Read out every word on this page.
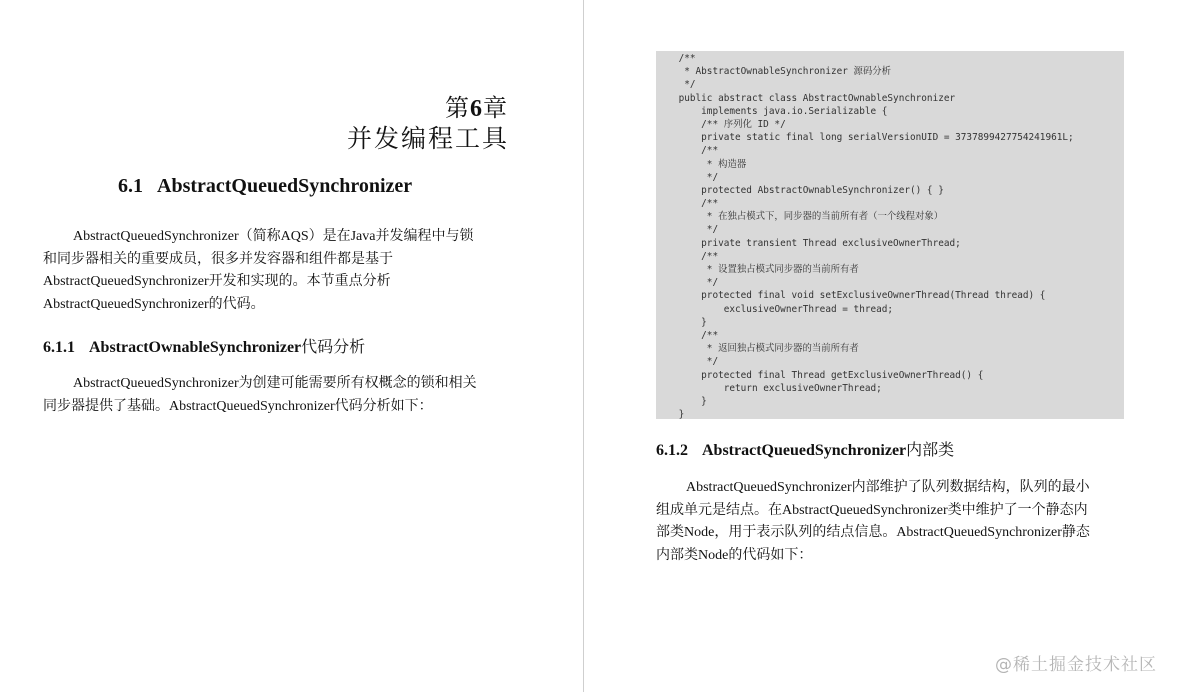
第6章
并发编程工具
6.1 AbstractQueuedSynchronizer
AbstractQueuedSynchronizer（简称AQS）是在Java并发编程中与锁
和同步器相关的重要成员，很多并发容器和组件都是基于
AbstractQueuedSynchronizer开发和实现的。本节重点分析
AbstractQueuedSynchronizer的代码。
6.1.1 AbstractOwnableSynchronizer代码分析
AbstractQueuedSynchronizer为创建可能需要所有权概念的锁和相关
同步器提供了基础。AbstractQueuedSynchronizer代码分析如下：
/**
* AbstractOwnableSynchronizer 源码分析
*/
public abstract class AbstractOwnableSynchronizer
implements java.io.Serializable {
/** 序列化 ID */
private static final long serialVersionUID = 3737899427754241961L;
/**
* 构造器
*/
protected AbstractOwnableSynchronizer() { }
/**
* 在独占模式下，同步器的当前所有者（一个线程对象）
*/
private transient Thread exclusiveOwnerThread;
/**
* 设置独占模式同步器的当前所有者
*/
protected final void setExclusiveOwnerThread(Thread thread) {
exclusiveOwnerThread = thread;
}
/**
* 返回独占模式同步器的当前所有者
*/
protected final Thread getExclusiveOwnerThread() {
return exclusiveOwnerThread;
}
}
6.1.2 AbstractQueuedSynchronizer内部类
AbstractQueuedSynchronizer内部维护了队列数据结构，队列的最小
组成单元是结点。在AbstractQueuedSynchronizer类中维护了一个静态内
部类Node，用于表示队列的结点信息。AbstractQueuedSynchronizer静态
内部类Node的代码如下：
@稀土掘金技术社区
